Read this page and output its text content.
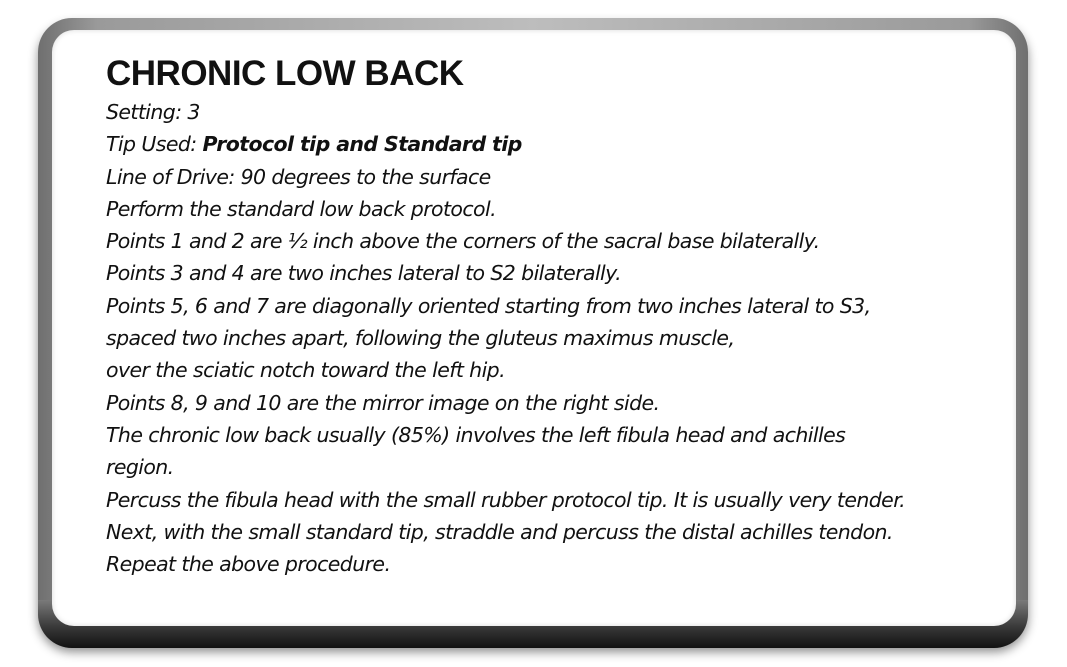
CHRONIC LOW BACK

Setting: 3

Tip Used: Protocol tip and Standard tip

Line of Drive: 90 degrees to the surface

Perform the standard low back protocol.

Points 1 and 2 are ½ inch above the corners of the sacral base bilaterally.

Points 3 and 4 are two inches lateral to S2 bilaterally.

Points 5, 6 and 7 are diagonally oriented starting from two inches lateral to S3,

spaced two inches apart, following the gluteus maximus muscle,

over the sciatic notch toward the left hip.

Points 8, 9 and 10 are the mirror image on the right side.

The chronic low back usually (85%) involves the left fibula head and achilles

region.

Percuss the fibula head with the small rubber protocol tip. It is usually very tender.

Next, with the small standard tip, straddle and percuss the distal achilles tendon.

Repeat the above procedure.
